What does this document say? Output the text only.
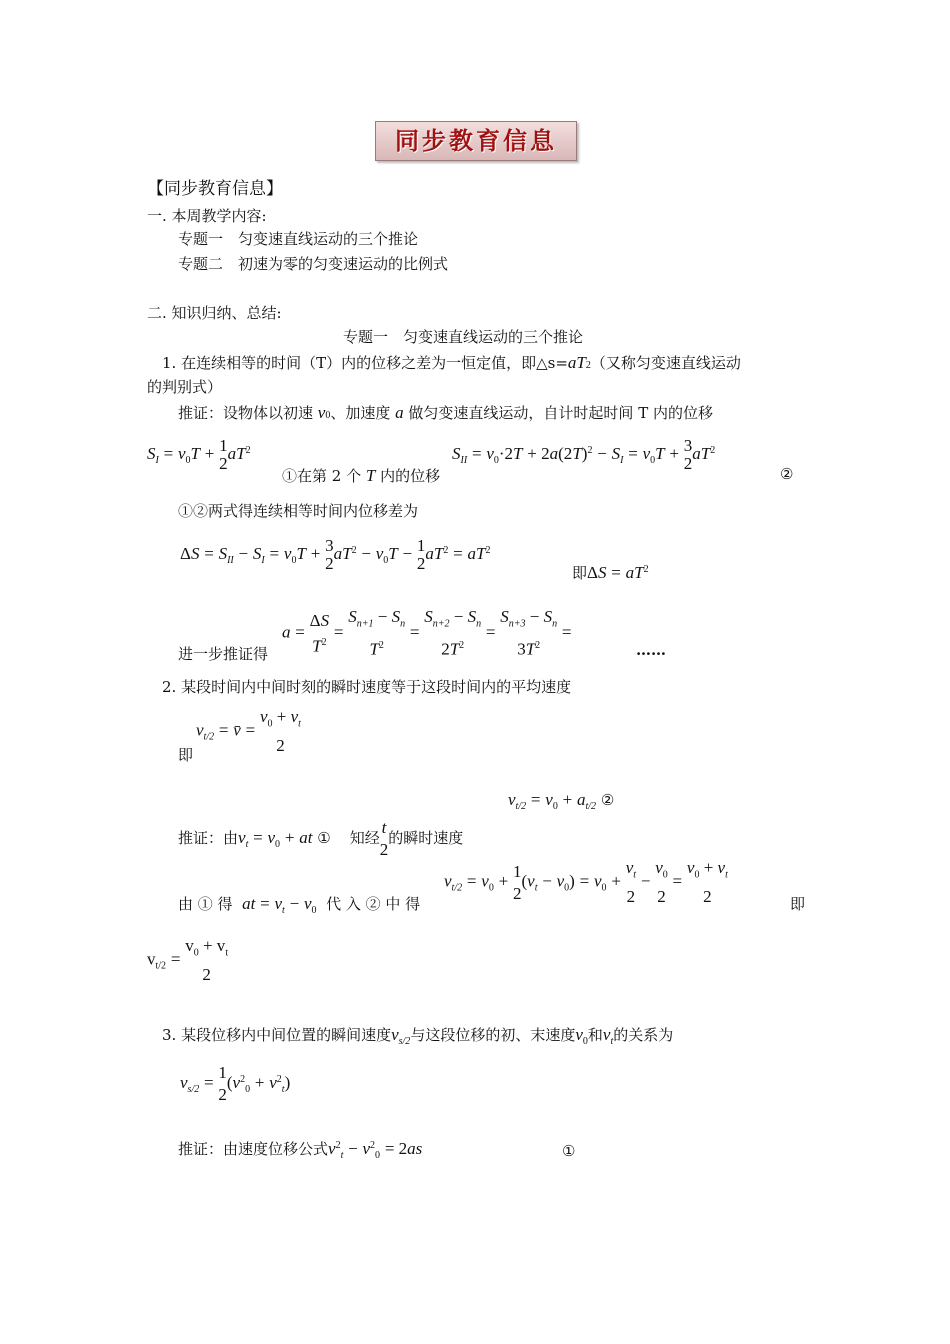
同步教育信息
【同步教育信息】
一. 本周教学内容:
专题一　匀变速直线运动的三个推论
专题二　初速为零的匀变速运动的比例式
二. 知识归纳、总结:
专题一　匀变速直线运动的三个推论
1. 在连续相等的时间（T）内的位移之差为一恒定值，即△s=aT2（又称匀变速直线运动
的判别式）
推证：设物体以初速 v0、加速度 a 做匀变速直线运动，自计时起时间 T 内的位移
$S_I = v_0T + 1$
$2aT^2$
①在第 2 个 T 内的位移
$S_{II} = v_0\cdot 2T + 2a(2T)^2 - S_I = v_0T + 3$
$2aT^2$
②
①②两式得连续相等时间内位移差为
$\Delta S = S_{II} - S_I = v_0T + 3$
$2aT^2 - v_0T - 1$
$2aT^2 = aT^2$
即$\Delta S = aT^2$
进一步推证得
a = ΔS
$T^2 = S_{n+1} - S_n$
$T^2 = S_{n+2} - S_n$
$2T^2 = S_{n+3} - S_n$
$3T^2$ =
……
2. 某段时间内中间时刻的瞬时速度等于这段时间内的平均速度
即
$v_{t/2}$ = v̄ = $v_0 + v_t$
2
推证：由$v_t = v_0$ + at ① 知经t
2的瞬时速度
$v_{t/2} = v_0 + a_{t/2}$ ②
由 ① 得 at = $v_t - v_0$ 代 入 ② 中 得
$v_{t/2} = v_0 + 1$
$2(v_t - v_0) = v_0 + v_t$
$2 - v_0$
$2 = v_0 + v_t$
2	即
$v_{t/2} = v_0 + v_t$
2
3. 某段位移内中间位置的瞬间速度$v_{s/2}$与这段位移的初、末速度$v_0$和$v_t$的关系为
$v_{s/2} = 1$
$2(v^2_0 + v^2_t)$
推证：由速度位移公式$v^2_t - v^2_0 = 2as$	①
